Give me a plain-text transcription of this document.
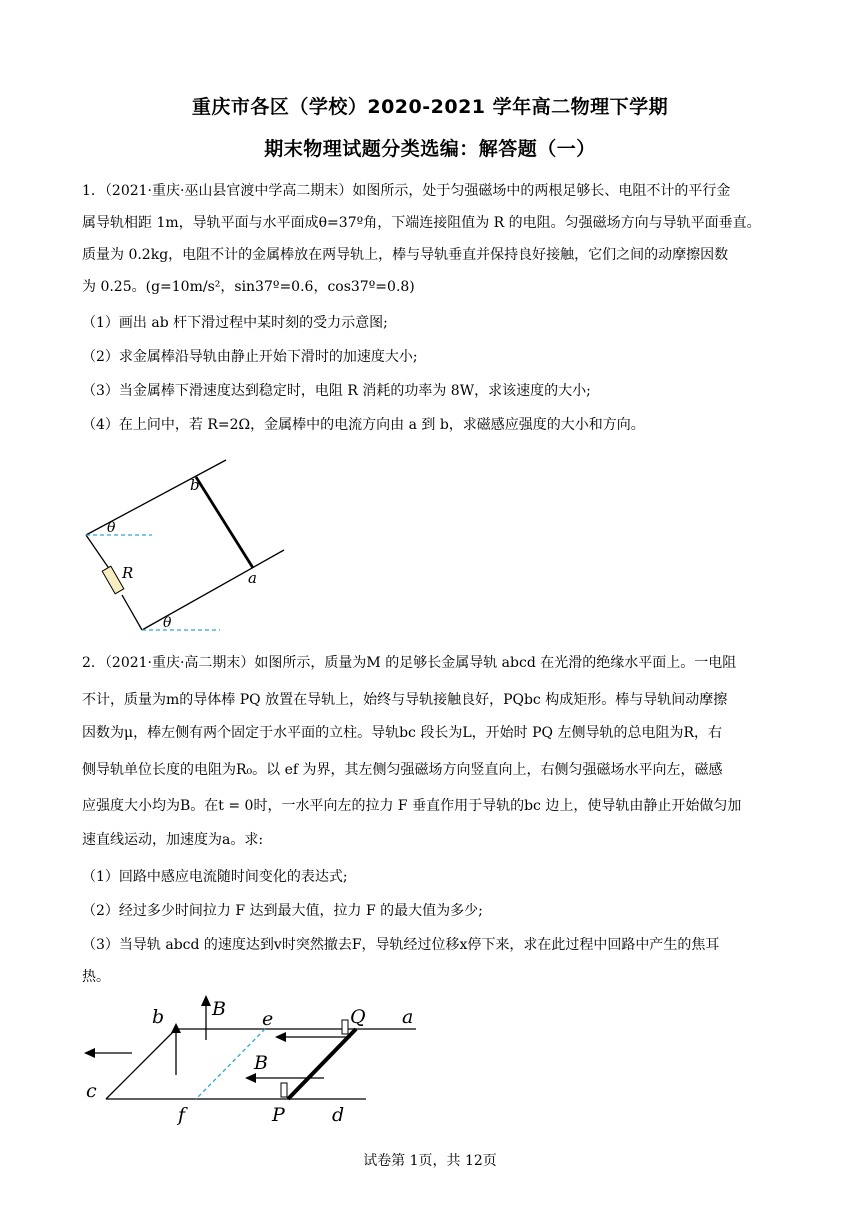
重庆市各区（学校）2020-2021 学年高二物理下学期
期末物理试题分类选编：解答题（一）
1．（2021·重庆·巫山县官渡中学高二期末）如图所示，处于匀强磁场中的两根足够长、电阻不计的平行金
属导轨相距 1m，导轨平面与水平面成θ=37º角，下端连接阻值为 R 的电阻。匀强磁场方向与导轨平面垂直。
质量为 0.2kg，电阻不计的金属棒放在两导轨上，棒与导轨垂直并保持良好接触，它们之间的动摩擦因数
为 0.25。(g=10m/s²，sin37º=0.6，cos37º=0.8)
（1）画出 ab 杆下滑过程中某时刻的受力示意图;
（2）求金属棒沿导轨由静止开始下滑时的加速度大小;
（3）当金属棒下滑速度达到稳定时，电阻 R 消耗的功率为 8W，求该速度的大小;
（4）在上问中，若 R=2Ω，金属棒中的电流方向由 a 到 b，求磁感应强度的大小和方向。
b
a
R
θ
θ
2．（2021·重庆·高二期末）如图所示，质量为M 的足够长金属导轨 abcd 在光滑的绝缘水平面上。一电阻
不计，质量为m的导体棒 PQ 放置在导轨上，始终与导轨接触良好，PQbc 构成矩形。棒与导轨间动摩擦
因数为μ，棒左侧有两个固定于水平面的立柱。导轨bc 段长为L，开始时 PQ 左侧导轨的总电阻为R，右
侧导轨单位长度的电阻为R₀。以 ef 为界，其左侧匀强磁场方向竖直向上，右侧匀强磁场水平向左，磁感
应强度大小均为B。在t = 0时，一水平向左的拉力 F 垂直作用于导轨的bc 边上，使导轨由静止开始做匀加
速直线运动，加速度为a。求:
（1）回路中感应电流随时间变化的表达式;
（2）经过多少时间拉力 F 达到最大值，拉力 F 的最大值为多少;
（3）当导轨 abcd 的速度达到v时突然撤去F，导轨经过位移x停下来，求在此过程中回路中产生的焦耳
热。
b
c
e
f
Q a
P d
B
B
试卷第 1页，共 12页
